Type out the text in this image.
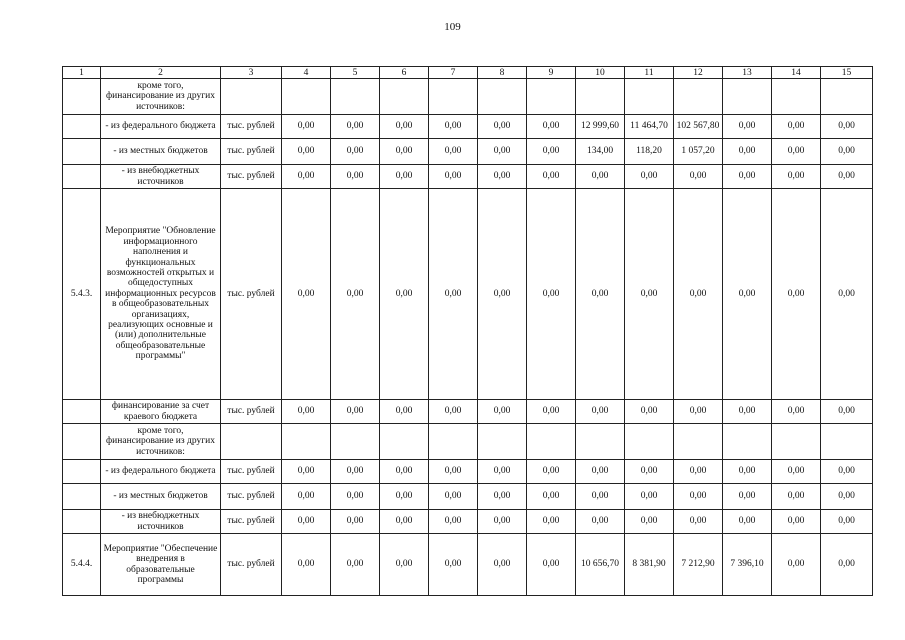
109
1	2	3	4	5	6	7	8	9	10	11	12	13	14	15
	кроме того, финансирование из других источников:													
	- из федерального бюджета	тыс. рублей	0,00	0,00	0,00	0,00	0,00	0,00	12 999,60	11 464,70	102 567,80	0,00	0,00	0,00
	- из местных бюджетов	тыс. рублей	0,00	0,00	0,00	0,00	0,00	0,00	134,00	118,20	1 057,20	0,00	0,00	0,00
	- из внебюджетных источников	тыс. рублей	0,00	0,00	0,00	0,00	0,00	0,00	0,00	0,00	0,00	0,00	0,00	0,00
5.4.3.	Мероприятие "Обновление информационного наполнения и функциональных возможностей открытых и общедоступных информационных ресурсов в общеобразовательных организациях, реализующих основные и (или) дополнительные общеобразовательные программы"	тыс. рублей	0,00	0,00	0,00	0,00	0,00	0,00	0,00	0,00	0,00	0,00	0,00	0,00
	финансирование за счет краевого бюджета	тыс. рублей	0,00	0,00	0,00	0,00	0,00	0,00	0,00	0,00	0,00	0,00	0,00	0,00
	кроме того, финансирование из других источников:													
	- из федерального бюджета	тыс. рублей	0,00	0,00	0,00	0,00	0,00	0,00	0,00	0,00	0,00	0,00	0,00	0,00
	- из местных бюджетов	тыс. рублей	0,00	0,00	0,00	0,00	0,00	0,00	0,00	0,00	0,00	0,00	0,00	0,00
	- из внебюджетных источников	тыс. рублей	0,00	0,00	0,00	0,00	0,00	0,00	0,00	0,00	0,00	0,00	0,00	0,00
5.4.4.	Мероприятие "Обеспечение внедрения в образовательные программы	тыс. рублей	0,00	0,00	0,00	0,00	0,00	0,00	10 656,70	8 381,90	7 212,90	7 396,10	0,00	0,00
